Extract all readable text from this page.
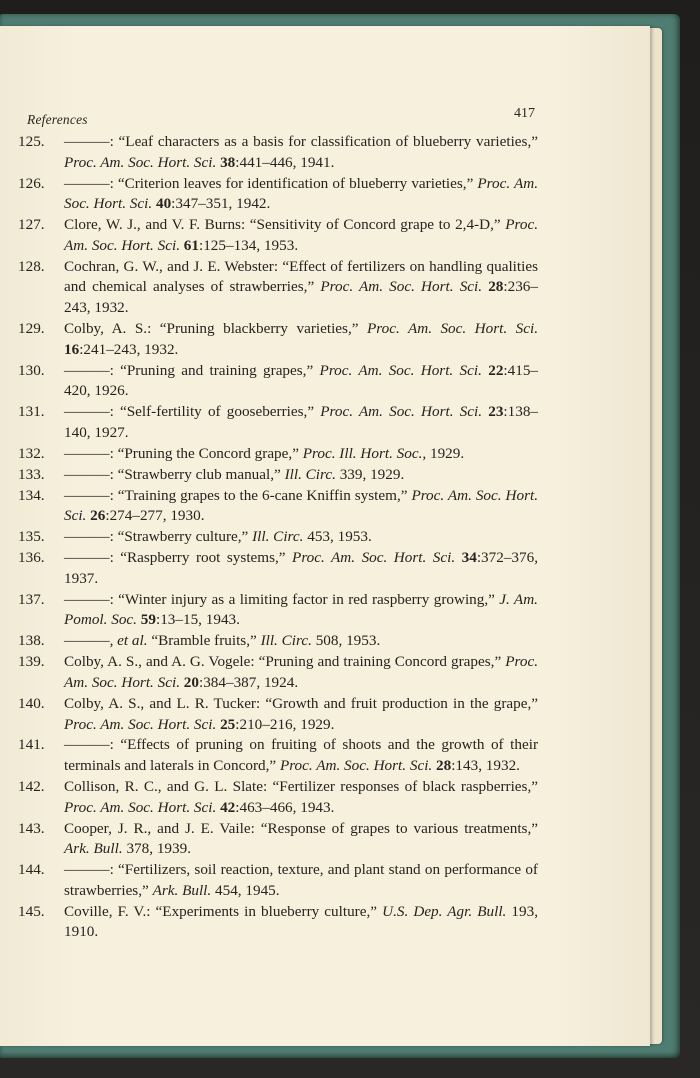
References	417
125.	———: “Leaf characters as a basis for classification of blueberry varieties,” Proc. Am. Soc. Hort. Sci. 38:441–446, 1941.
126.	———: “Criterion leaves for identification of blueberry varieties,” Proc. Am. Soc. Hort. Sci. 40:347–351, 1942.
127.	Clore, W. J., and V. F. Burns: “Sensitivity of Concord grape to 2,4-D,” Proc. Am. Soc. Hort. Sci. 61:125–134, 1953.
128.	Cochran, G. W., and J. E. Webster: “Effect of fertilizers on handling qualities and chemical analyses of strawberries,” Proc. Am. Soc. Hort. Sci. 28:236–243, 1932.
129.	Colby, A. S.: “Pruning blackberry varieties,” Proc. Am. Soc. Hort. Sci. 16:241–243, 1932.
130.	———: “Pruning and training grapes,” Proc. Am. Soc. Hort. Sci. 22:415–420, 1926.
131.	———: “Self-fertility of gooseberries,” Proc. Am. Soc. Hort. Sci. 23:138–140, 1927.
132.	———: “Pruning the Concord grape,” Proc. Ill. Hort. Soc., 1929.
133.	———: “Strawberry club manual,” Ill. Circ. 339, 1929.
134.	———: “Training grapes to the 6-cane Kniffin system,” Proc. Am. Soc. Hort. Sci. 26:274–277, 1930.
135.	———: “Strawberry culture,” Ill. Circ. 453, 1953.
136.	———: “Raspberry root systems,” Proc. Am. Soc. Hort. Sci. 34:372–376, 1937.
137.	———: “Winter injury as a limiting factor in red raspberry growing,” J. Am. Pomol. Soc. 59:13–15, 1943.
138.	———, et al. “Bramble fruits,” Ill. Circ. 508, 1953.
139.	Colby, A. S., and A. G. Vogele: “Pruning and training Concord grapes,” Proc. Am. Soc. Hort. Sci. 20:384–387, 1924.
140.	Colby, A. S., and L. R. Tucker: “Growth and fruit production in the grape,” Proc. Am. Soc. Hort. Sci. 25:210–216, 1929.
141.	———: “Effects of pruning on fruiting of shoots and the growth of their terminals and laterals in Concord,” Proc. Am. Soc. Hort. Sci. 28:143, 1932.
142.	Collison, R. C., and G. L. Slate: “Fertilizer responses of black raspberries,” Proc. Am. Soc. Hort. Sci. 42:463–466, 1943.
143.	Cooper, J. R., and J. E. Vaile: “Response of grapes to various treatments,” Ark. Bull. 378, 1939.
144.	———: “Fertilizers, soil reaction, texture, and plant stand on performance of strawberries,” Ark. Bull. 454, 1945.
145.	Coville, F. V.: “Experiments in blueberry culture,” U.S. Dep. Agr. Bull. 193, 1910.
